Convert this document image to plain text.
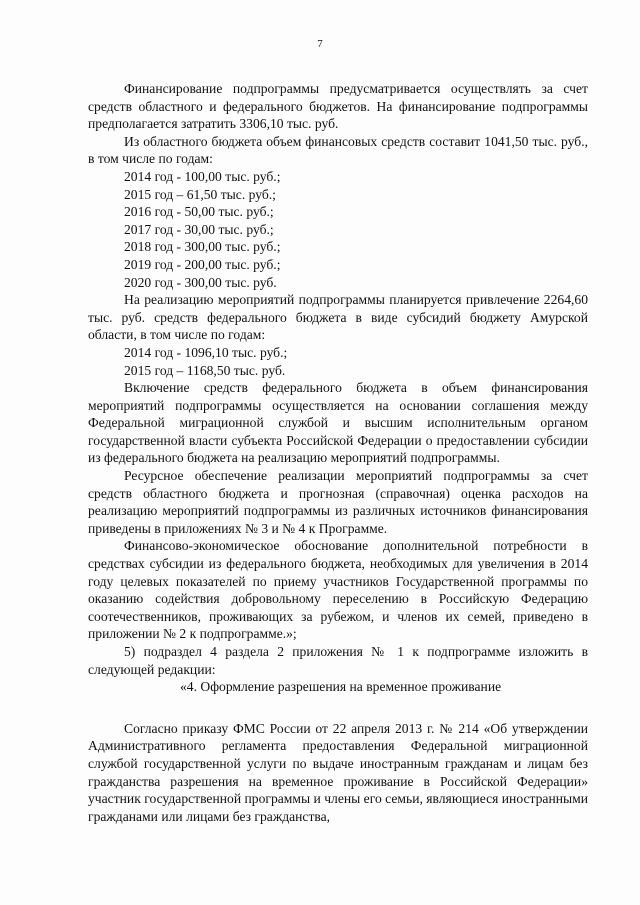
7

Финансирование подпрограммы предусматривается осуществлять за счет средств областного и федерального бюджетов. На финансирование подпрограммы предполагается затратить 3306,10 тыс. руб.

Из областного бюджета объем финансовых средств составит 1041,50 тыс. руб., в том числе по годам:

2014 год - 100,00 тыс. руб.;

2015 год – 61,50 тыс. руб.;

2016 год - 50,00 тыс. руб.;

2017 год - 30,00 тыс. руб.;

2018 год - 300,00 тыс. руб.;

2019 год - 200,00 тыс. руб.;

2020 год - 300,00 тыс. руб.

На реализацию мероприятий подпрограммы планируется привлечение 2264,60 тыс. руб. средств федерального бюджета в виде субсидий бюджету Амурской области, в том числе по годам:

2014 год - 1096,10 тыс. руб.;

2015 год – 1168,50 тыс. руб.

Включение средств федерального бюджета в объем финансирования мероприятий подпрограммы осуществляется на основании соглашения между Федеральной миграционной службой и высшим исполнительным органом государственной власти субъекта Российской Федерации о предоставлении субсидии из федерального бюджета на реализацию мероприятий подпрограммы.

Ресурсное обеспечение реализации мероприятий подпрограммы за счет средств областного бюджета и прогнозная (справочная) оценка расходов на реализацию мероприятий подпрограммы из различных источников финансирования приведены в приложениях № 3 и № 4 к Программе.

Финансово-экономическое обоснование дополнительной потребности в средствах субсидии из федерального бюджета, необходимых для увеличения в 2014 году целевых показателей по приему участников Государственной программы по оказанию содействия добровольному переселению в Российскую Федерацию соотечественников, проживающих за рубежом, и членов их семей, приведено в приложении № 2 к подпрограмме.»;

5) подраздел 4 раздела 2 приложения № 1 к подпрограмме изложить в следующей редакции:

«4. Оформление разрешения на временное проживание

Согласно приказу ФМС России от 22 апреля 2013 г. № 214 «Об утверждении Административного регламента предоставления Федеральной миграционной службой государственной услуги по выдаче иностранным гражданам и лицам без гражданства разрешения на временное проживание в Российской Федерации» участник государственной программы и члены его семьи, являющиеся иностранными гражданами или лицами без гражданства,
